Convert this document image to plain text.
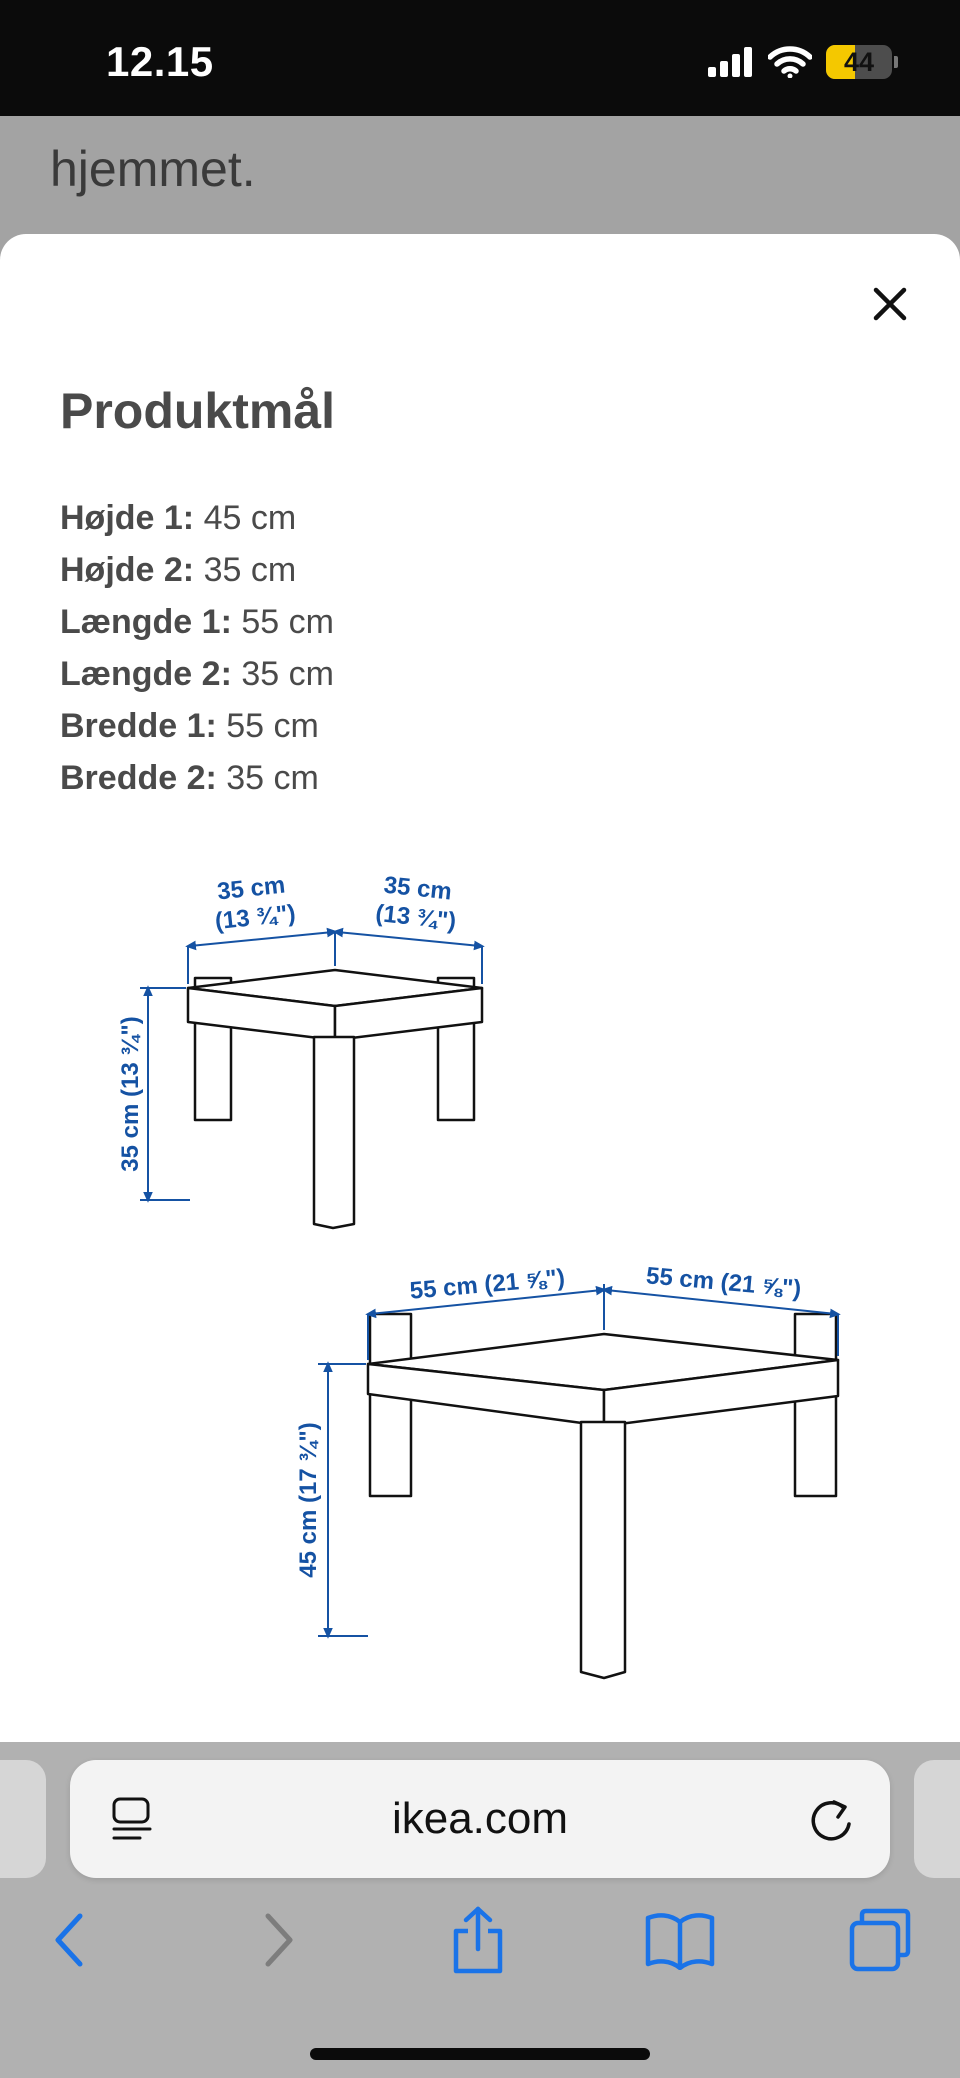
12.15	44
hjemmet.
Produktmål
Højde 1: 45 cm
Højde 2: 35 cm
Længde 1: 55 cm
Længde 2: 35 cm
Bredde 1: 55 cm
Bredde 2: 35 cm
35 cm
(13 ¾")
35 cm
(13 ¾")
35 cm (13 ¾")
55 cm (21 ⅝")	55 cm (21 ⅝")
45 cm (17 ¾")
ikea.com
